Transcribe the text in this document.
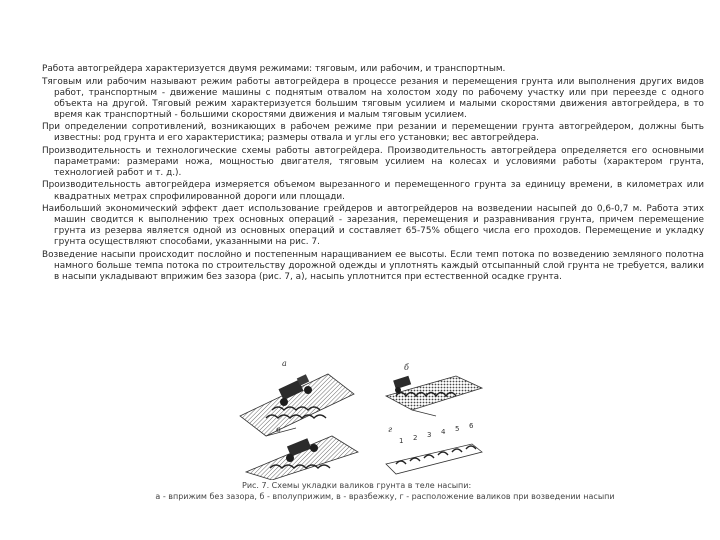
Работа автогрейдера характеризуется двумя режимами: тяговым, или рабочим, и транспортным.

Тяговым или рабочим называют режим работы автогрейдера в процессе резания и перемещения грунта или выполнения других видов работ, транспортным - движение машины с поднятым отвалом на холостом ходу по рабочему участку или при переезде с одного объекта на другой. Тяговый режим характеризуется большим тяговым усилием и малыми скоростями движения автогрейдера, в то время как транспортный - большими скоростями движения и малым тяговым усилием.

При определении сопротивлений, возникающих в рабочем режиме при резании и перемещении грунта автогрейдером, должны быть известны: род грунта и его характеристика; размеры отвала и углы его установки; вес автогрейдера.

Производительность и технологические схемы работы автогрейдера. Производительность автогрейдера определяется его основными параметрами: размерами ножа, мощностью двигателя, тяговым усилием на колесах и условиями работы (характером грунта, технологией работ и т. д.).

Производительность автогрейдера измеряется объемом вырезанного и перемещенного грунта за единицу времени, в километрах или квадратных метрах спрофилированной дороги или площади.

Наибольший экономический эффект дает использование грейдеров и автогрейдеров на возведении насыпей до 0,6-0,7 м. Работа этих машин сводится к выполнению трех основных операций - зарезания, перемещения и разравнивания грунта, причем перемещение грунта из резерва является одной из основных операций и составляет 65-75% общего числа его проходов. Перемещение и укладку грунта осуществляют способами, указанными на рис. 7.

Возведение насыпи происходит послойно и постепенным наращиванием ее высоты. Если темп потока по возведению земляного полотна намного больше темпа потока по строительству дорожной одежды и уплотнять каждый отсыпанный слой грунта не требуется, валики в насыпи укладывают вприжим без зазора (рис. 7, а), насыпь уплотнится при естественной осадке грунта.

1 2 3 4 5 6
а	б
в	г
Рис. 7. Схемы укладки валиков грунта в теле насыпи:
а - вприжим без зазора, б - вполуприжим, в - вразбежку, г - расположение валиков при возведении насыпи
